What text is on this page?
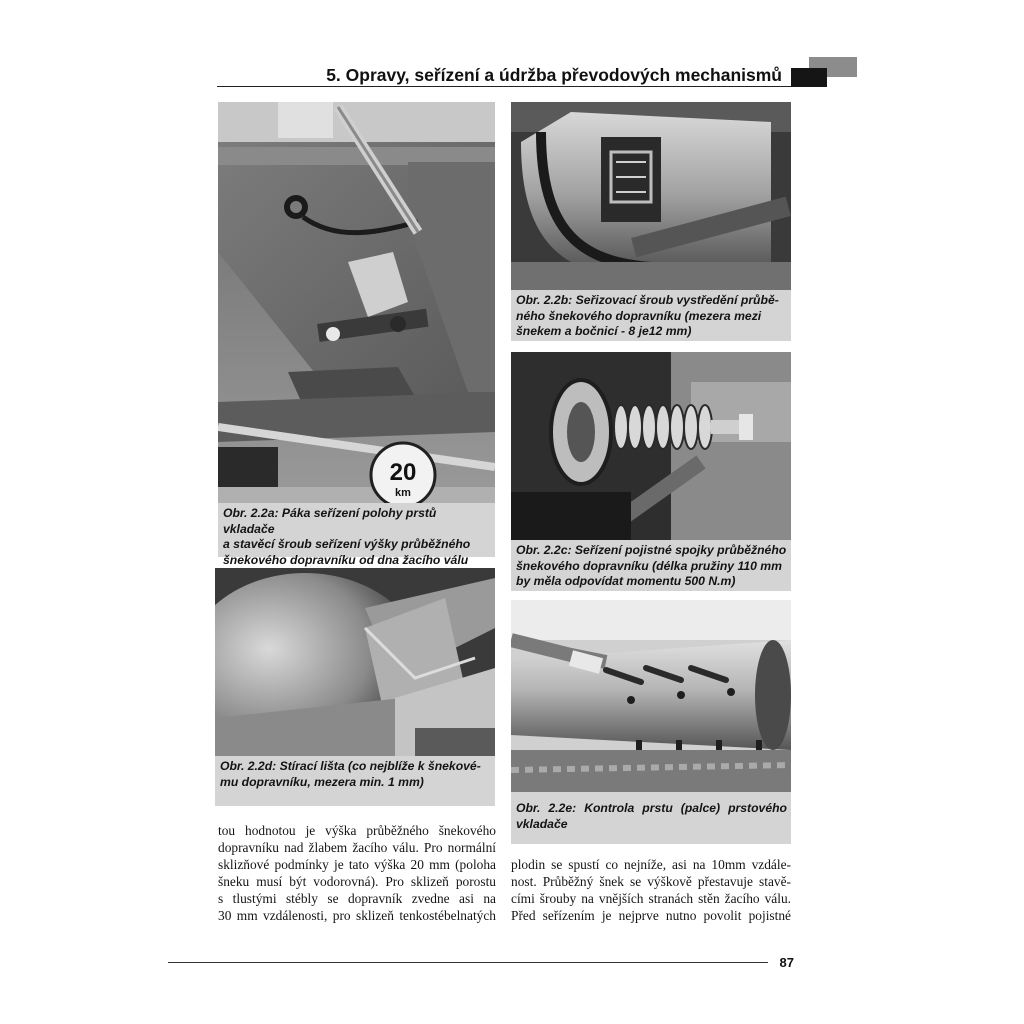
5. Opravy, seřízení a údržba převodových mechanismů
20
km
Obr. 2.2a: Páka seřízení polohy prstů vkladače
a stavěcí šroub seřízení výšky průběžného
šnekového dopravníku od dna žacího válu
Obr. 2.2b: Seřizovací šroub vystředění průbě-
ného šnekového dopravníku (mezera mezi
šnekem a bočnicí - 8 je12 mm)
Obr. 2.2c: Seřízení pojistné spojky průběžného
šnekového dopravníku (délka pružiny 110 mm
by měla odpovídat momentu 500 N.m)
Obr. 2.2d: Stírací lišta (co nejblíže k šnekové-
mu dopravníku, mezera min. 1 mm)
Obr. 2.2e: Kontrola prstu (palce) prstového
vkladače
tou hodnotou je výška průběžného šnekového
dopravníku nad žlabem žacího válu. Pro normální
sklizňové podmínky je tato výška 20 mm (poloha
šneku musí být vodorovná). Pro sklizeň porostu
s tlustými stébly se dopravník zvedne asi na
30 mm vzdálenosti, pro sklizeň tenkostébelnatých
plodin se spustí co nejníže, asi na 10mm vzdále-
nost. Průběžný šnek se výškově přestavuje stavě-
cími šrouby na vnějších stranách stěn žacího válu.
Před seřízením je nejprve nutno povolit pojistné
87
